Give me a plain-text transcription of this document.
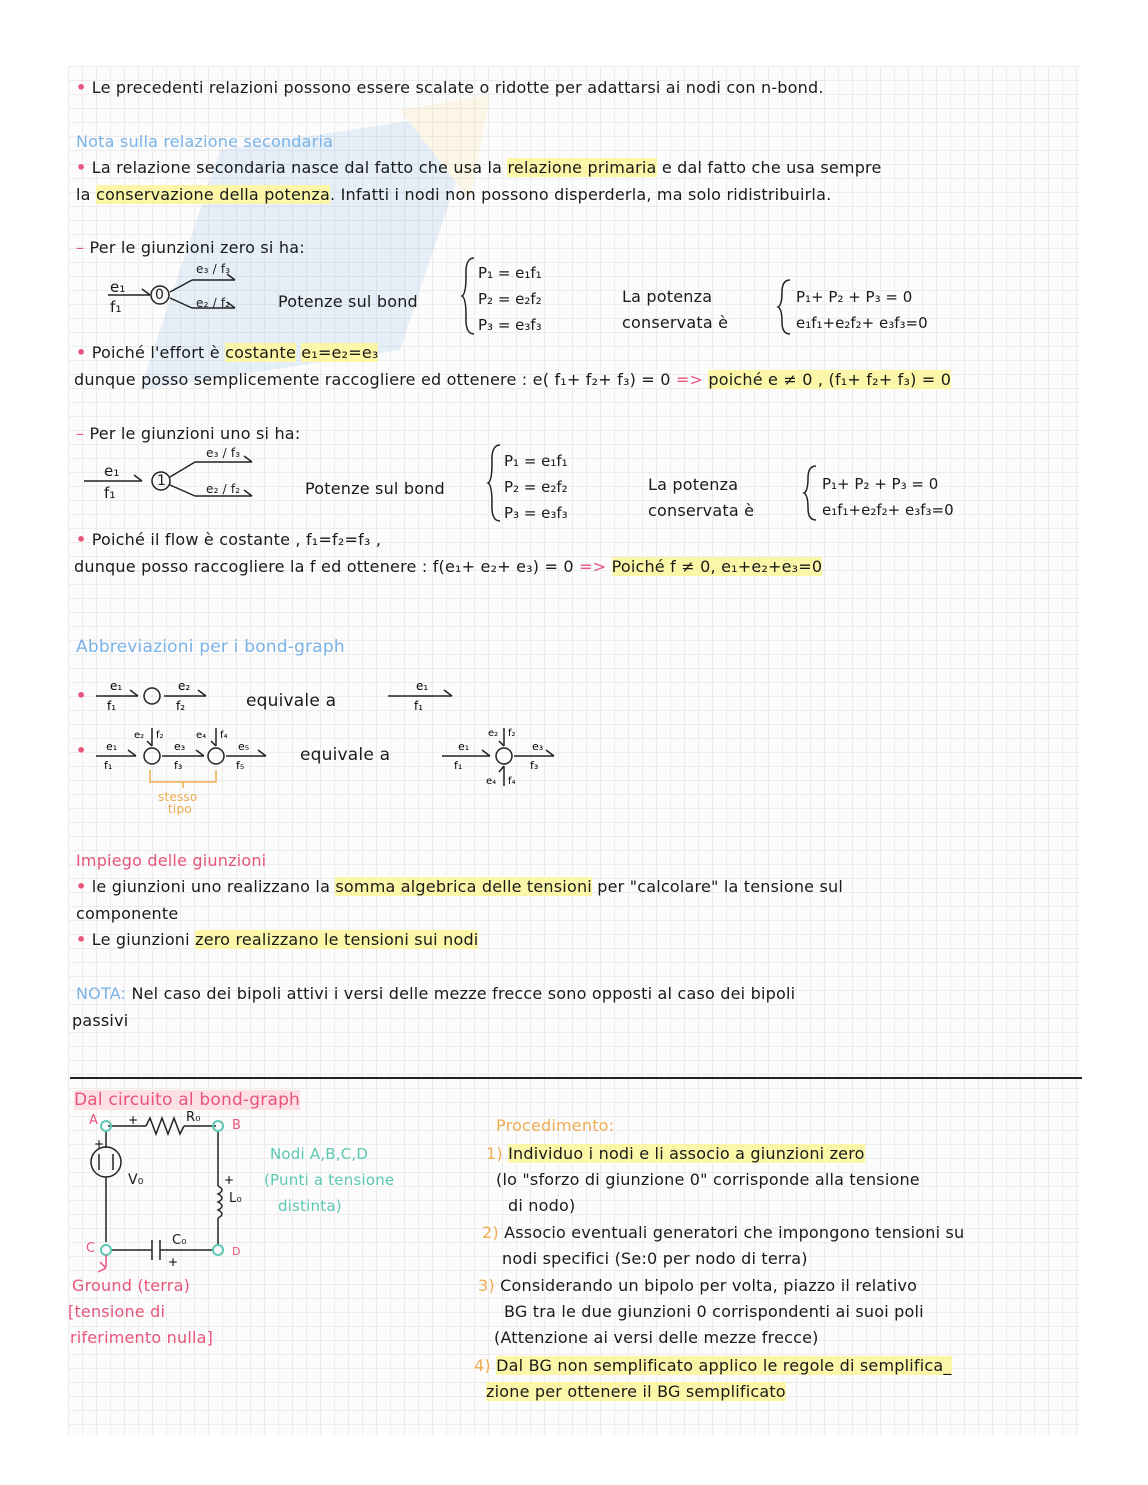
• Le precedenti relazioni possono essere scalate o ridotte per adattarsi ai nodi con n-bond.
Nota sulla relazione secondaria
• La relazione secondaria nasce dal fatto che usa la relazione primaria e dal fatto che usa sempre
la conservazione della potenza. Infatti i nodi non possono disperderla, ma solo ridistribuirla.
– Per le giunzioni zero si ha:
e₁
f₁
0
e₃ / f₃
e₂ / f₂	Potenze sul bond
P₁ = e₁f₁
P₂ = e₂f₂
P₃ = e₃f₃
La potenza
conservata è
P₁+ P₂ + P₃ = 0
e₁f₁+e₂f₂+ e₃f₃=0
• Poiché l'effort è costante e₁=e₂=e₃
dunque posso semplicemente raccogliere ed ottenere : e( f₁+ f₂+ f₃) = 0 => poiché e ≠ 0 , (f₁+ f₂+ f₃) = 0
– Per le giunzioni uno si ha:
e₁
f₁
1
e₃ / f₃
e₂ / f₂	Potenze sul bond
P₁ = e₁f₁
P₂ = e₂f₂
P₃ = e₃f₃
La potenza
conservata è
P₁+ P₂ + P₃ = 0
e₁f₁+e₂f₂+ e₃f₃=0
• Poiché il flow è costante , f₁=f₂=f₃ ,
dunque posso raccogliere la f ed ottenere : f(e₁+ e₂+ e₃) = 0 => Poiché f ≠ 0, e₁+e₂+e₃=0
Abbreviazioni per i bond-graph
• e₁
f₁
e₂
f₂
e₁
f₁
equivale a
• e₁
f₁
e₂ f₂
e₃
f₃
e₄ f₄
e₅
f₅
e₁
f₁
e₂ f₂
e₃
f₃
e₄ f₄
equivale a
stesso
tipo
Impiego delle giunzioni
• le giunzioni uno realizzano la somma algebrica delle tensioni per "calcolare" la tensione sul
componente
• Le giunzioni zero realizzano le tensioni sui nodi
NOTA: Nel caso dei bipoli attivi i versi delle mezze frecce sono opposti al caso dei bipoli
passivi
Dal circuito al bond-graph
+
+
+
+
A	B
C	D
R₀
V₀
L₀
C₀
Nodi A,B,C,D
(Punti a tensione
distinta)
Ground (terra)
[tensione di
riferimento nulla]
Procedimento:
1) Individuo i nodi e li associo a giunzioni zero
(lo "sforzo di giunzione 0" corrisponde alla tensione
di nodo)
2) Associo eventuali generatori che impongono tensioni su
nodi specifici (Se:0 per nodo di terra)
3) Considerando un bipolo per volta, piazzo il relativo
BG tra le due giunzioni 0 corrispondenti ai suoi poli
(Attenzione ai versi delle mezze frecce)
4) Dal BG non semplificato applico le regole di semplifica_
zione per ottenere il BG semplificato
